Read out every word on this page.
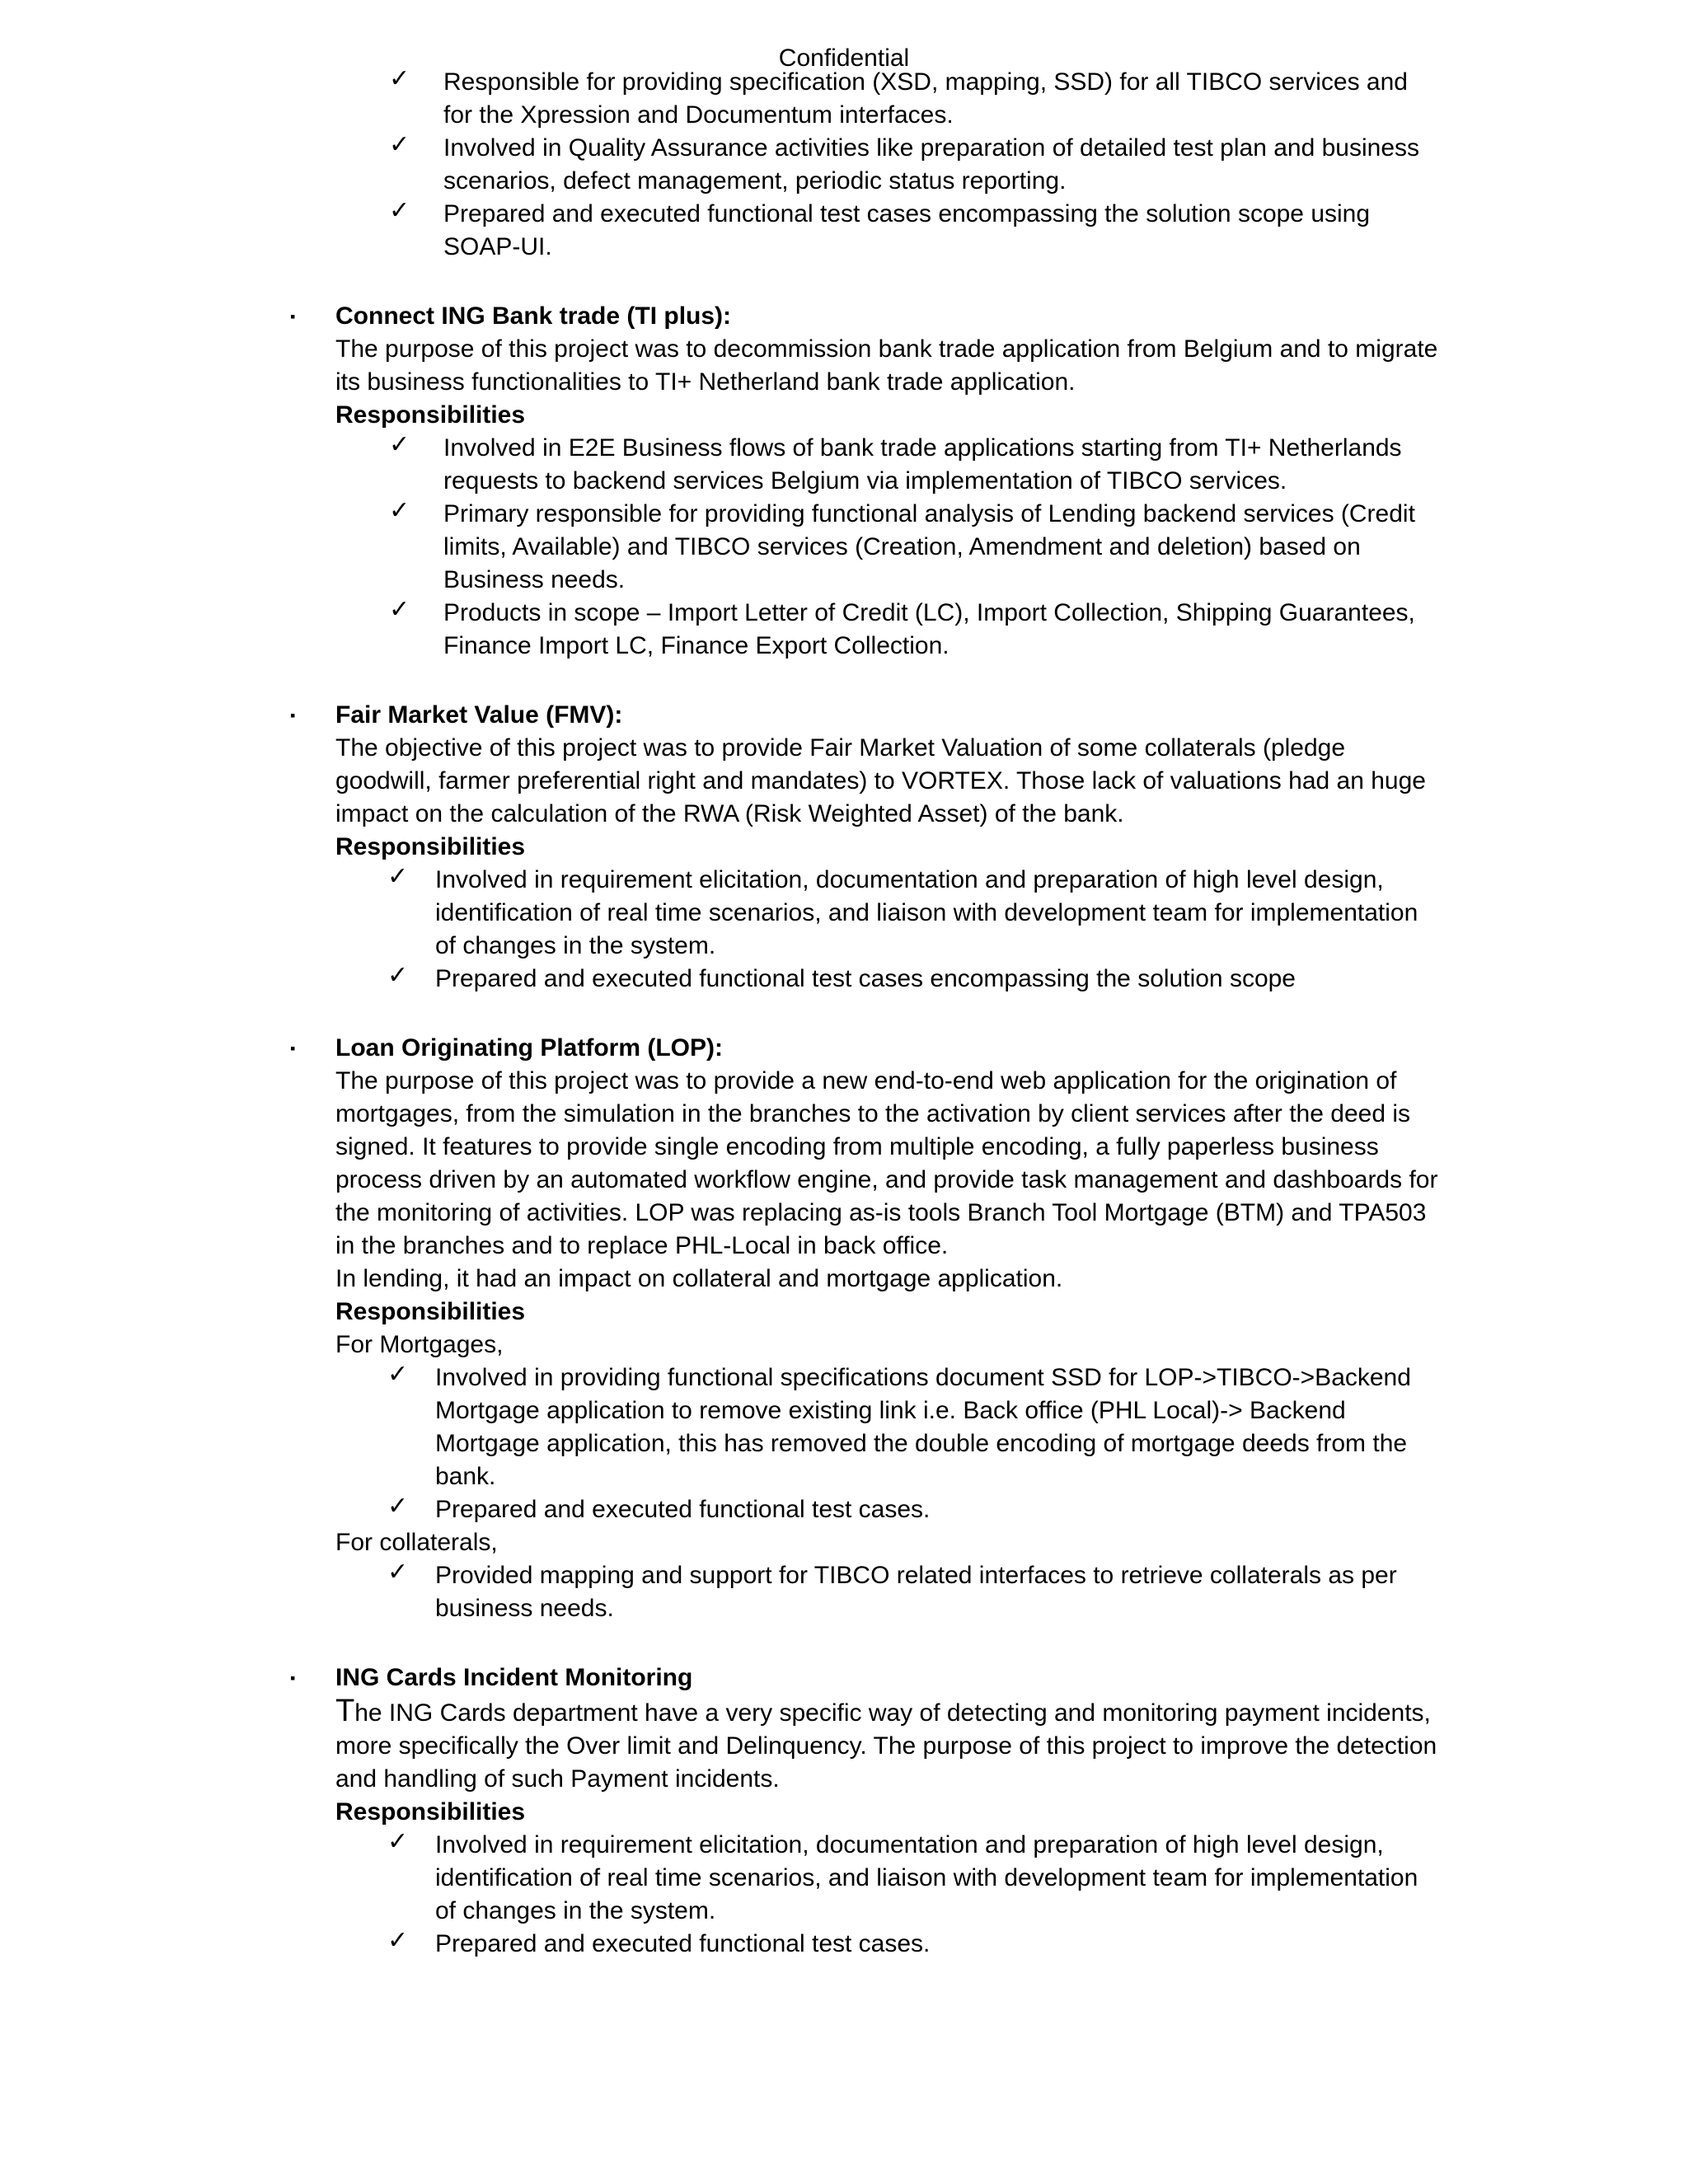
Confidential
✓ Responsible for providing specification (XSD, mapping, SSD) for all TIBCO services and for the Xpression and Documentum interfaces.
✓ Involved in Quality Assurance activities like preparation of detailed test plan and business scenarios, defect management, periodic status reporting.
✓ Prepared and executed functional test cases encompassing the solution scope using SOAP-UI.
▪ Connect ING Bank trade (TI plus):
The purpose of this project was to decommission bank trade application from Belgium and to migrate its business functionalities to TI+ Netherland bank trade application.
Responsibilities
✓ Involved in E2E Business flows of bank trade applications starting from TI+ Netherlands requests to backend services Belgium via implementation of TIBCO services.
✓ Primary responsible for providing functional analysis of Lending backend services (Credit limits, Available) and TIBCO services (Creation, Amendment and deletion) based on Business needs.
✓ Products in scope – Import Letter of Credit (LC), Import Collection, Shipping Guarantees, Finance Import LC, Finance Export Collection.
▪ Fair Market Value (FMV):
The objective of this project was to provide Fair Market Valuation of some collaterals (pledge goodwill, farmer preferential right and mandates) to VORTEX. Those lack of valuations had an huge impact on the calculation of the RWA (Risk Weighted Asset) of the bank.
Responsibilities
✓ Involved in requirement elicitation, documentation and preparation of high level design, identification of real time scenarios, and liaison with development team for implementation of changes in the system.
✓ Prepared and executed functional test cases encompassing the solution scope
▪ Loan Originating Platform (LOP):
The purpose of this project was to provide a new end-to-end web application for the origination of mortgages, from the simulation in the branches to the activation by client services after the deed is signed. It features to provide single encoding from multiple encoding, a fully paperless business process driven by an automated workflow engine, and provide task management and dashboards for the monitoring of activities. LOP was replacing as-is tools Branch Tool Mortgage (BTM) and TPA503 in the branches and to replace PHL-Local in back office.
In lending, it had an impact on collateral and mortgage application.
Responsibilities
For Mortgages,
✓ Involved in providing functional specifications document SSD for LOP->TIBCO->Backend Mortgage application to remove existing link i.e. Back office (PHL Local)-> Backend Mortgage application, this has removed the double encoding of mortgage deeds from the bank.
✓ Prepared and executed functional test cases.
For collaterals,
✓ Provided mapping and support for TIBCO related interfaces to retrieve collaterals as per business needs.
▪ ING Cards Incident Monitoring
The ING Cards department have a very specific way of detecting and monitoring payment incidents, more specifically the Over limit and Delinquency. The purpose of this project to improve the detection and handling of such Payment incidents.
Responsibilities
✓ Involved in requirement elicitation, documentation and preparation of high level design, identification of real time scenarios, and liaison with development team for implementation of changes in the system.
✓ Prepared and executed functional test cases.
